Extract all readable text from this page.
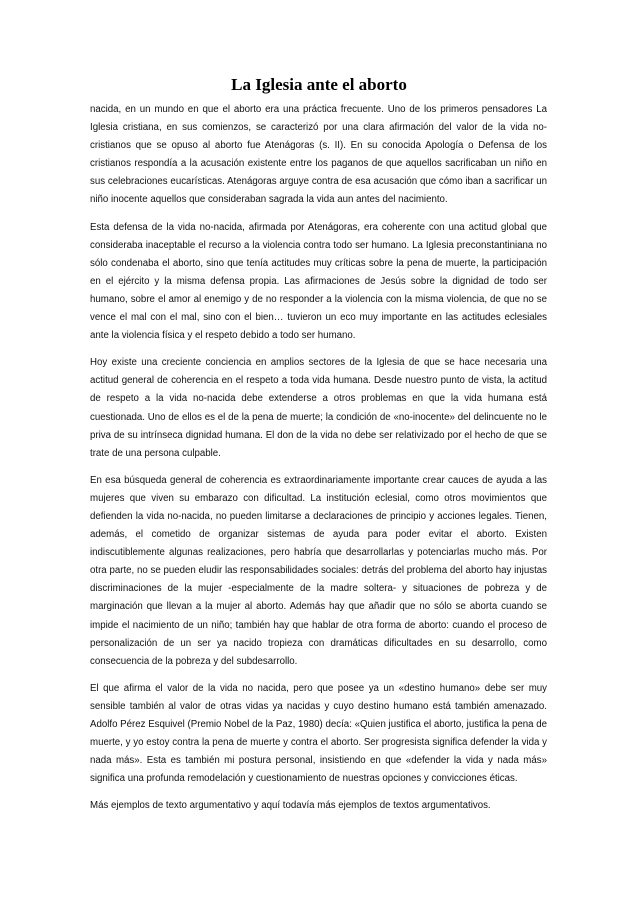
La Iglesia ante el aborto

nacida, en un mundo en que el aborto era una práctica frecuente. Uno de los primeros pensadores La Iglesia cristiana, en sus comienzos, se caracterizó por una clara afirmación del valor de la vida no-cristianos que se opuso al aborto fue Atenágoras (s. II). En su conocida Apología o Defensa de los cristianos respondía a la acusación existente entre los paganos de que aquellos sacrificaban un niño en sus celebraciones eucarísticas. Atenágoras arguye contra de esa acusación que cómo iban a sacrificar un niño inocente aquellos que consideraban sagrada la vida aun antes del nacimiento.

Esta defensa de la vida no-nacida, afirmada por Atenágoras, era coherente con una actitud global que consideraba inaceptable el recurso a la violencia contra todo ser humano. La Iglesia preconstantiniana no sólo condenaba el aborto, sino que tenía actitudes muy críticas sobre la pena de muerte, la participación en el ejército y la misma defensa propia. Las afirmaciones de Jesús sobre la dignidad de todo ser humano, sobre el amor al enemigo y de no responder a la violencia con la misma violencia, de que no se vence el mal con el mal, sino con el bien… tuvieron un eco muy importante en las actitudes eclesiales ante la violencia física y el respeto debido a todo ser humano.

Hoy existe una creciente conciencia en amplios sectores de la Iglesia de que se hace necesaria una actitud general de coherencia en el respeto a toda vida humana. Desde nuestro punto de vista, la actitud de respeto a la vida no-nacida debe extenderse a otros problemas en que la vida humana está cuestionada. Uno de ellos es el de la pena de muerte; la condición de «no-inocente» del delincuente no le priva de su intrínseca dignidad humana. El don de la vida no debe ser relativizado por el hecho de que se trate de una persona culpable.

En esa búsqueda general de coherencia es extraordinariamente importante crear cauces de ayuda a las mujeres que viven su embarazo con dificultad. La institución eclesial, como otros movimientos que defienden la vida no-nacida, no pueden limitarse a declaraciones de principio y acciones legales. Tienen, además, el cometido de organizar sistemas de ayuda para poder evitar el aborto. Existen indiscutiblemente algunas realizaciones, pero habría que desarrollarlas y potenciarlas mucho más. Por otra parte, no se pueden eludir las responsabilidades sociales: detrás del problema del aborto hay injustas discriminaciones de la mujer -especialmente de la madre soltera- y situaciones de pobreza y de marginación que llevan a la mujer al aborto. Además hay que añadir que no sólo se aborta cuando se impide el nacimiento de un niño; también hay que hablar de otra forma de aborto: cuando el proceso de personalización de un ser ya nacido tropieza con dramáticas dificultades en su desarrollo, como consecuencia de la pobreza y del subdesarrollo.

El que afirma el valor de la vida no nacida, pero que posee ya un «destino humano» debe ser muy sensible también al valor de otras vidas ya nacidas y cuyo destino humano está también amenazado. Adolfo Pérez Esquivel (Premio Nobel de la Paz, 1980) decía: «Quien justifica el aborto, justifica la pena de muerte, y yo estoy contra la pena de muerte y contra el aborto. Ser progresista significa defender la vida y nada más». Esta es también mi postura personal, insistiendo en que «defender la vida y nada más» significa una profunda remodelación y cuestionamiento de nuestras opciones y convicciones éticas.

Más ejemplos de texto argumentativo y aquí todavía más ejemplos de textos argumentativos.
